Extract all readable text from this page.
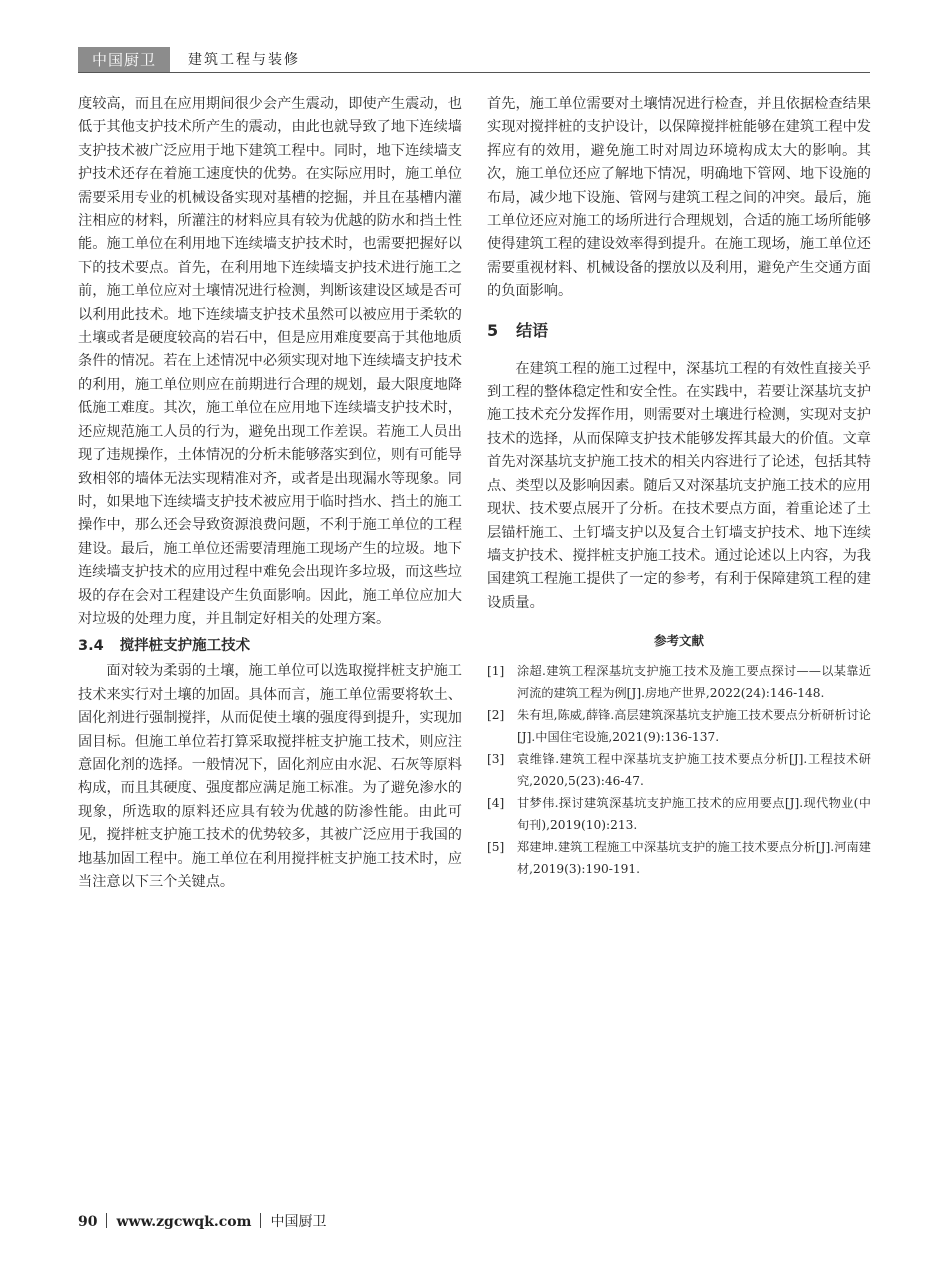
中国厨卫	建筑工程与装修

度较高，而且在应用期间很少会产生震动，即使产生震动，也低于其他支护技术所产生的震动，由此也就导致了地下连续墙支护技术被广泛应用于地下建筑工程中。同时，地下连续墙支护技术还存在着施工速度快的优势。在实际应用时，施工单位需要采用专业的机械设备实现对基槽的挖掘，并且在基槽内灌注相应的材料，所灌注的材料应具有较为优越的防水和挡土性能。施工单位在利用地下连续墙支护技术时，也需要把握好以下的技术要点。首先，在利用地下连续墙支护技术进行施工之前，施工单位应对土壤情况进行检测，判断该建设区域是否可以利用此技术。地下连续墙支护技术虽然可以被应用于柔软的土壤或者是硬度较高的岩石中，但是应用难度要高于其他地质条件的情况。若在上述情况中必须实现对地下连续墙支护技术的利用，施工单位则应在前期进行合理的规划，最大限度地降低施工难度。其次，施工单位在应用地下连续墙支护技术时，还应规范施工人员的行为，避免出现工作差误。若施工人员出现了违规操作，土体情况的分析未能够落实到位，则有可能导致相邻的墙体无法实现精准对齐，或者是出现漏水等现象。同时，如果地下连续墙支护技术被应用于临时挡水、挡土的施工操作中，那么还会导致资源浪费问题，不利于施工单位的工程建设。最后，施工单位还需要清理施工现场产生的垃圾。地下连续墙支护技术的应用过程中难免会出现许多垃圾，而这些垃圾的存在会对工程建设产生负面影响。因此，施工单位应加大对垃圾的处理力度，并且制定好相关的处理方案。

3.4 搅拌桩支护施工技术

面对较为柔弱的土壤，施工单位可以选取搅拌桩支护施工技术来实行对土壤的加固。具体而言，施工单位需要将软土、固化剂进行强制搅拌，从而促使土壤的强度得到提升，实现加固目标。但施工单位若打算采取搅拌桩支护施工技术，则应注意固化剂的选择。一般情况下，固化剂应由水泥、石灰等原料构成，而且其硬度、强度都应满足施工标准。为了避免渗水的现象，所选取的原料还应具有较为优越的防渗性能。由此可见，搅拌桩支护施工技术的优势较多，其被广泛应用于我国的地基加固工程中。施工单位在利用搅拌桩支护施工技术时，应当注意以下三个关键点。

首先，施工单位需要对土壤情况进行检查，并且依据检查结果实现对搅拌桩的支护设计，以保障搅拌桩能够在建筑工程中发挥应有的效用，避免施工时对周边环境构成太大的影响。其次，施工单位还应了解地下情况，明确地下管网、地下设施的布局，减少地下设施、管网与建筑工程之间的冲突。最后，施工单位还应对施工的场所进行合理规划，合适的施工场所能够使得建筑工程的建设效率得到提升。在施工现场，施工单位还需要重视材料、机械设备的摆放以及利用，避免产生交通方面的负面影响。

5 结语

在建筑工程的施工过程中，深基坑工程的有效性直接关乎到工程的整体稳定性和安全性。在实践中，若要让深基坑支护施工技术充分发挥作用，则需要对土壤进行检测，实现对支护技术的选择，从而保障支护技术能够发挥其最大的价值。文章首先对深基坑支护施工技术的相关内容进行了论述，包括其特点、类型以及影响因素。随后又对深基坑支护施工技术的应用现状、技术要点展开了分析。在技术要点方面，着重论述了土层锚杆施工、土钉墙支护以及复合土钉墙支护技术、地下连续墙支护技术、搅拌桩支护施工技术。通过论述以上内容，为我国建筑工程施工提供了一定的参考，有利于保障建筑工程的建设质量。

参考文献
[1]	涂超.建筑工程深基坑支护施工技术及施工要点探讨——以某靠近河流的建筑工程为例[J].房地产世界,2022(24):146-148.
[2]	朱有坦,陈威,薛锋.高层建筑深基坑支护施工技术要点分析研析讨论[J].中国住宅设施,2021(9):136-137.
[3]	袁维锋.建筑工程中深基坑支护施工技术要点分析[J].工程技术研究,2020,5(23):46-47.
[4]	甘梦伟.探讨建筑深基坑支护施工技术的应用要点[J].现代物业(中旬刊),2019(10):213.
[5]	郑建坤.建筑工程施工中深基坑支护的施工技术要点分析[J].河南建材,2019(3):190-191.
90 www.zgcwqk.com 中国厨卫
